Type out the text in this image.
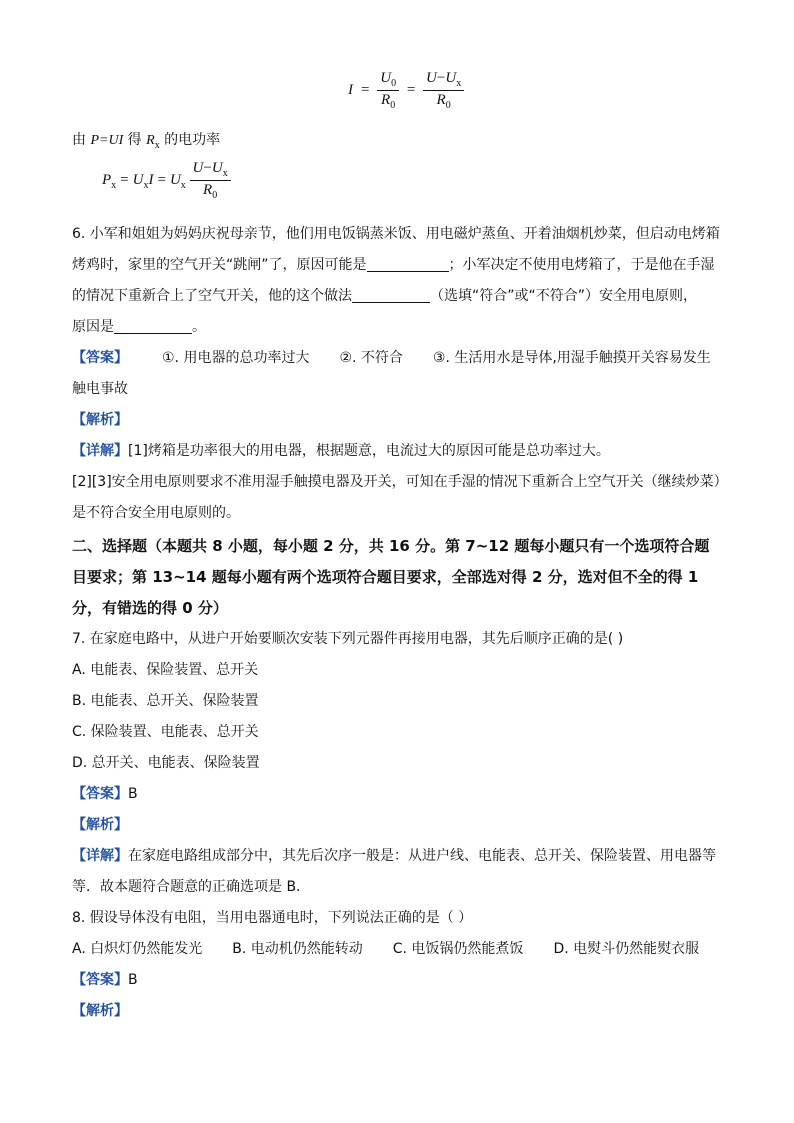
$I = \frac{U_0}{R_0} = \frac{U-U_x}{R_0}$
由 P=UI 得 $R_x$ 的电功率
$P_x = U_xI = U_x \frac{U-U_x}{R_0}$
6. 小军和姐姐为妈妈庆祝母亲节，他们用电饭锅蒸米饭、用电磁炉蒸鱼、开着油烟机炒菜，但启动电烤箱
烤鸡时，家里的空气开关“跳闸”了，原因可能是	；小军决定不使用电烤箱了，于是他在手湿
的情况下重新合上了空气开关，他的这个做法	（选填“符合”或“不符合”）安全用电原则，
原因是	。
【答案】 ①. 用电器的总功率过大 ②. 不符合 ③. 生活用水是导体,用湿手触摸开关容易发生
触电事故
【解析】
【详解】[1]烤箱是功率很大的用电器，根据题意，电流过大的原因可能是总功率过大。
[2][3]安全用电原则要求不准用湿手触摸电器及开关，可知在手湿的情况下重新合上空气开关（继续炒菜）
是不符合安全用电原则的。
二、选择题（本题共 8 小题，每小题 2 分，共 16 分。第 7~12 题每小题只有一个选项符合题
目要求；第 13~14 题每小题有两个选项符合题目要求，全部选对得 2 分，选对但不全的得 1
分，有错选的得 0 分）
7. 在家庭电路中，从进户开始要顺次安装下列元器件再接用电器，其先后顺序正确的是( )
A. 电能表、保险装置、总开关
B. 电能表、总开关、保险装置
C. 保险装置、电能表、总开关
D. 总开关、电能表、保险装置
【答案】B
【解析】
【详解】在家庭电路组成部分中，其先后次序一般是：从进户线、电能表、总开关、保险装置、用电器等
等．故本题符合题意的正确选项是 B．
8. 假设导体没有电阻，当用电器通电时，下列说法正确的是（ ）
A. 白炽灯仍然能发光 B. 电动机仍然能转动 C. 电饭锅仍然能煮饭 D. 电熨斗仍然能熨衣服
【答案】B
【解析】
